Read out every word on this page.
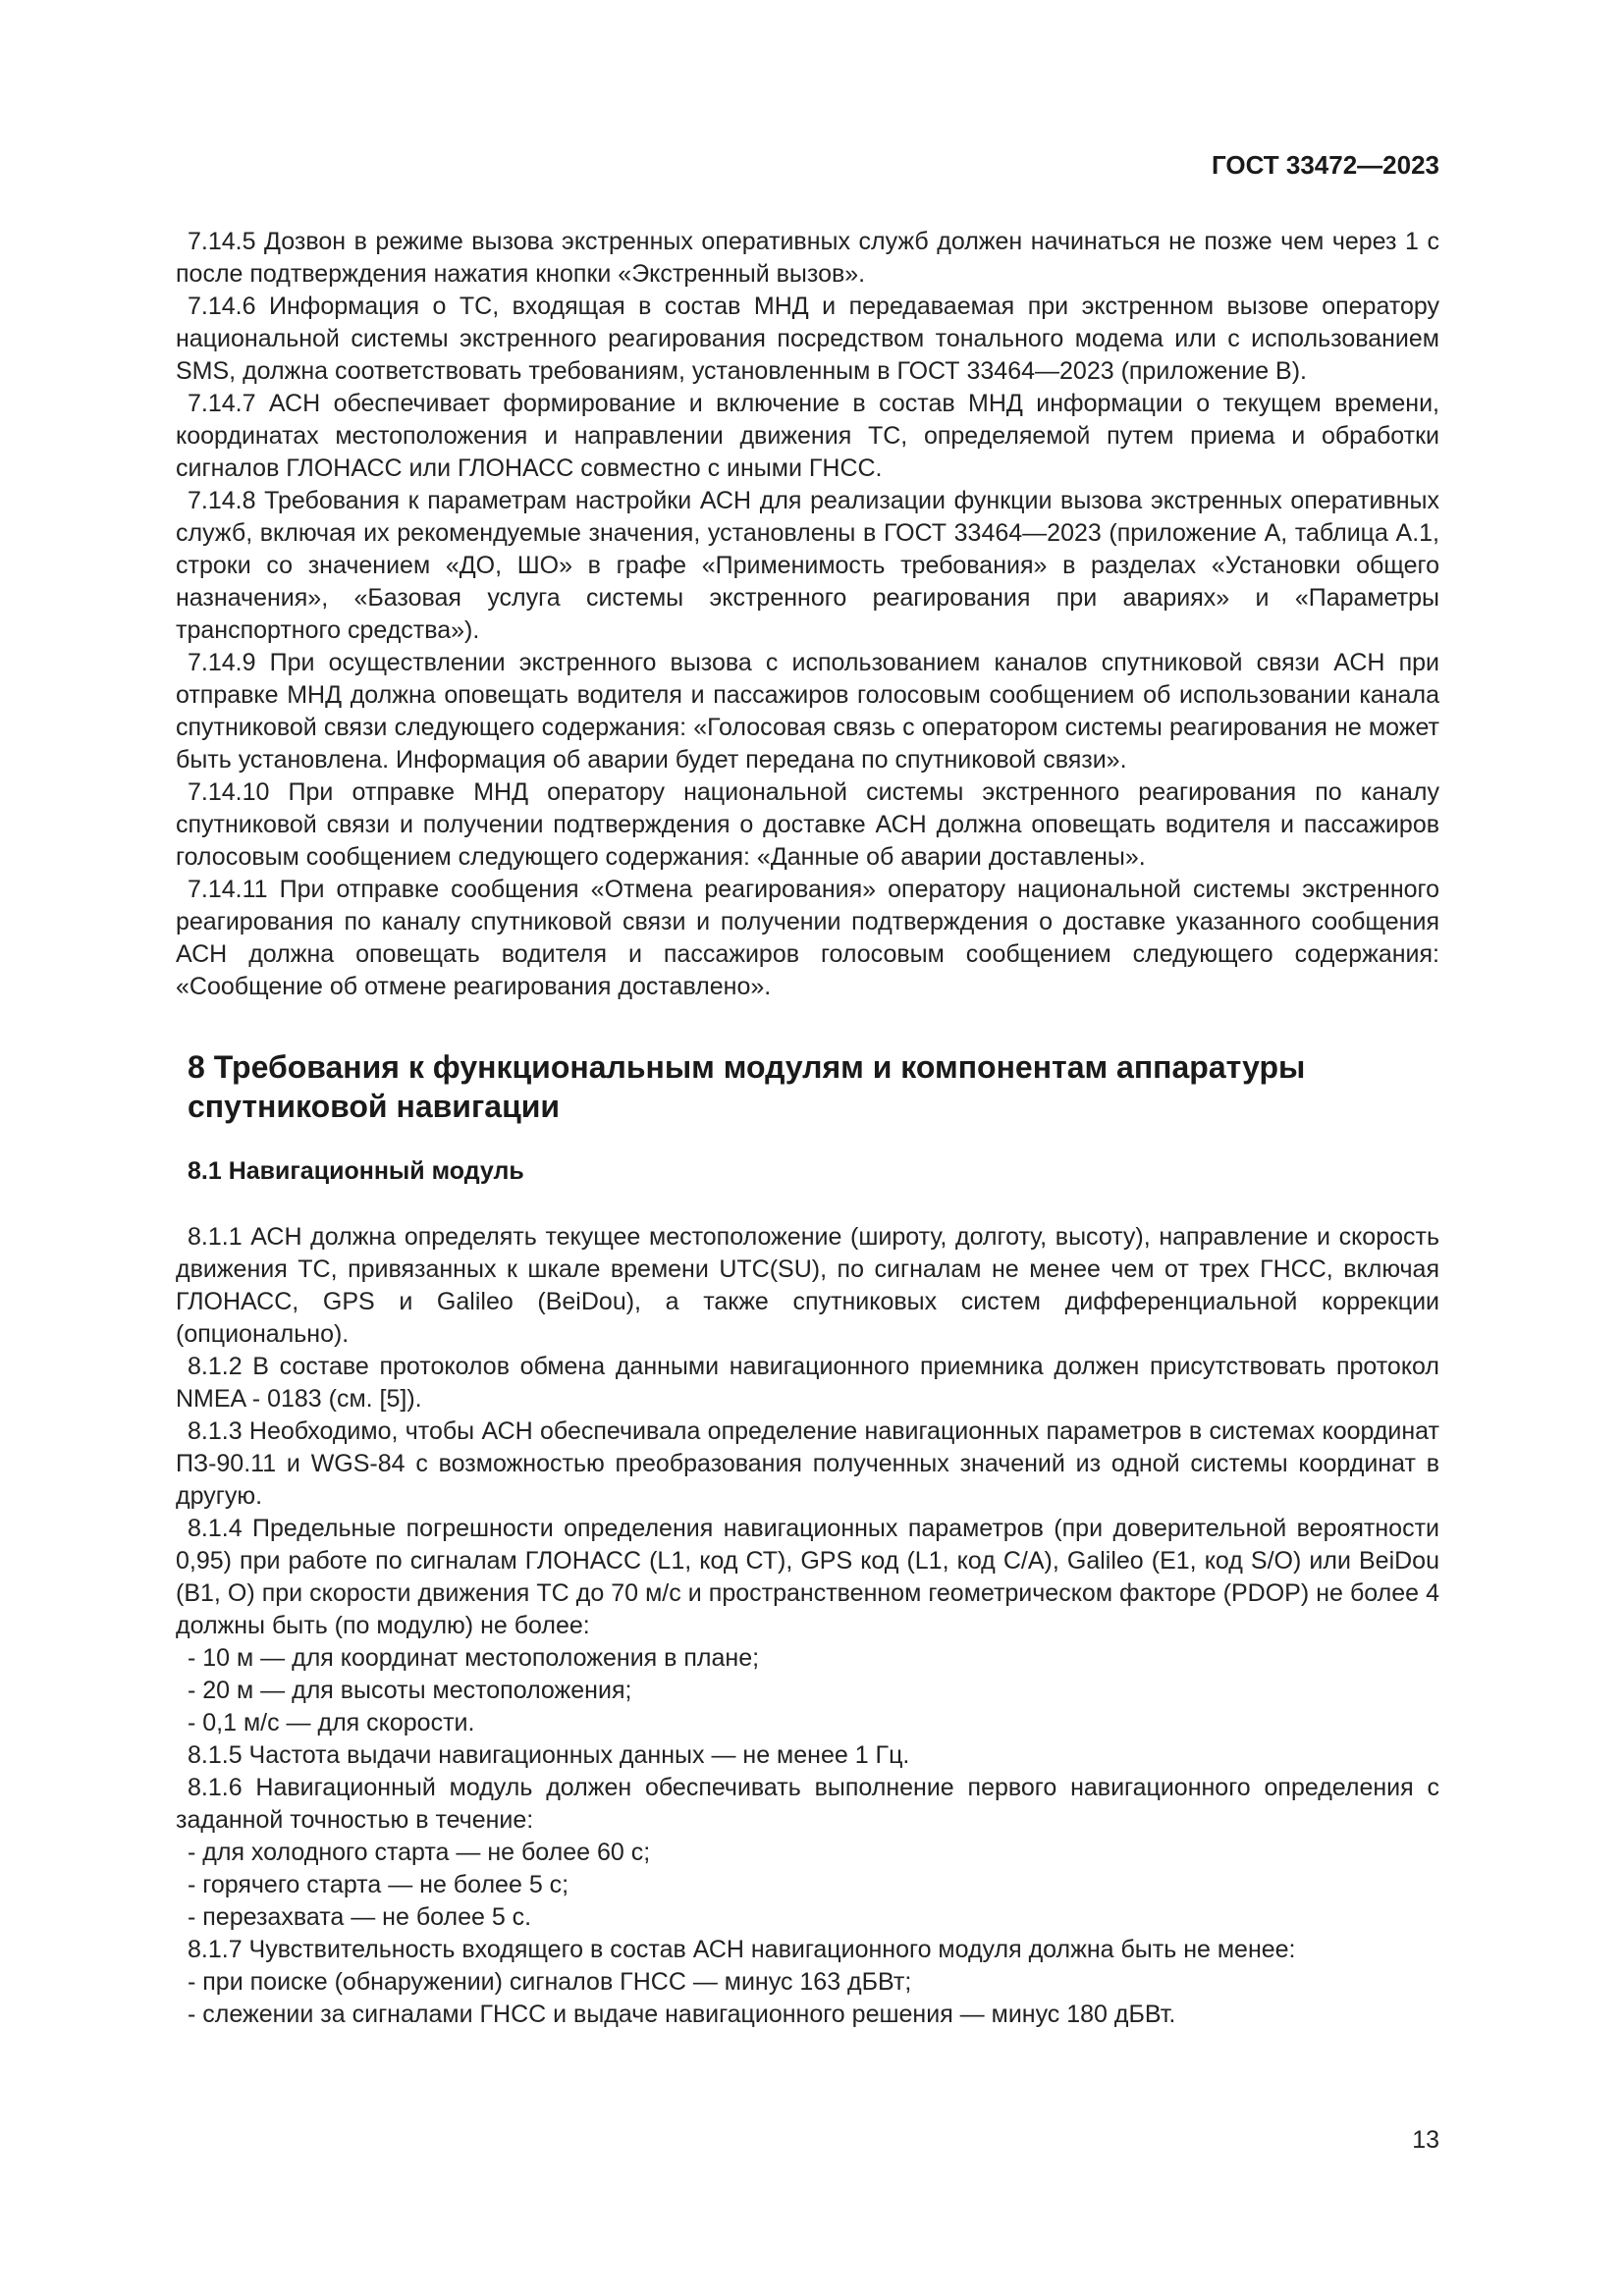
ГОСТ 33472—2023

7.14.5 Дозвон в режиме вызова экстренных оперативных служб должен начинаться не позже чем через 1 с после подтверждения нажатия кнопки «Экстренный вызов».

7.14.6 Информация о ТС, входящая в состав МНД и передаваемая при экстренном вызове оператору национальной системы экстренного реагирования посредством тонального модема или с использованием SMS, должна соответствовать требованиям, установленным в ГОСТ 33464—2023 (приложение В).

7.14.7 АСН обеспечивает формирование и включение в состав МНД информации о текущем времени, координатах местоположения и направлении движения ТС, определяемой путем приема и обработки сигналов ГЛОНАСС или ГЛОНАСС совместно с иными ГНСС.

7.14.8 Требования к параметрам настройки АСН для реализации функции вызова экстренных оперативных служб, включая их рекомендуемые значения, установлены в ГОСТ 33464—2023 (приложение А, таблица А.1, строки со значением «ДО, ШО» в графе «Применимость требования» в разделах «Установки общего назначения», «Базовая услуга системы экстренного реагирования при авариях» и «Параметры транспортного средства»).

7.14.9 При осуществлении экстренного вызова с использованием каналов спутниковой связи АСН при отправке МНД должна оповещать водителя и пассажиров голосовым сообщением об использовании канала спутниковой связи следующего содержания: «Голосовая связь с оператором системы реагирования не может быть установлена. Информация об аварии будет передана по спутниковой связи».

7.14.10 При отправке МНД оператору национальной системы экстренного реагирования по каналу спутниковой связи и получении подтверждения о доставке АСН должна оповещать водителя и пассажиров голосовым сообщением следующего содержания: «Данные об аварии доставлены».

7.14.11 При отправке сообщения «Отмена реагирования» оператору национальной системы экстренного реагирования по каналу спутниковой связи и получении подтверждения о доставке указанного сообщения АСН должна оповещать водителя и пассажиров голосовым сообщением следующего содержания: «Сообщение об отмене реагирования доставлено».

8 Требования к функциональным модулям и компонентам аппаратуры спутниковой навигации
8.1 Навигационный модуль

8.1.1 АСН должна определять текущее местоположение (широту, долготу, высоту), направление и скорость движения ТС, привязанных к шкале времени UTC(SU), по сигналам не менее чем от трех ГНСС, включая ГЛОНАСС, GPS и Galileo (BeiDou), а также спутниковых систем дифференциальной коррекции (опционально).

8.1.2 В составе протоколов обмена данными навигационного приемника должен присутствовать протокол NMEA - 0183 (см. [5]).

8.1.3 Необходимо, чтобы АСН обеспечивала определение навигационных параметров в системах координат ПЗ-90.11 и WGS-84 с возможностью преобразования полученных значений из одной системы координат в другую.

8.1.4 Предельные погрешности определения навигационных параметров (при доверительной вероятности 0,95) при работе по сигналам ГЛОНАСС (L1, код СТ), GPS код (L1, код C/A), Galileo (E1, код S/O) или BeiDou (B1, O) при скорости движения ТС до 70 м/с и пространственном геометрическом факторе (PDOP) не более 4 должны быть (по модулю) не более:

- 10 м — для координат местоположения в плане;

- 20 м — для высоты местоположения;

- 0,1 м/с — для скорости.

8.1.5 Частота выдачи навигационных данных — не менее 1 Гц.

8.1.6 Навигационный модуль должен обеспечивать выполнение первого навигационного определения с заданной точностью в течение:

- для холодного старта — не более 60 с;

- горячего старта — не более 5 с;

- перезахвата — не более 5 с.

8.1.7 Чувствительность входящего в состав АСН навигационного модуля должна быть не менее:

- при поиске (обнаружении) сигналов ГНСС — минус 163 дБВт;

- слежении за сигналами ГНСС и выдаче навигационного решения — минус 180 дБВт.

13
